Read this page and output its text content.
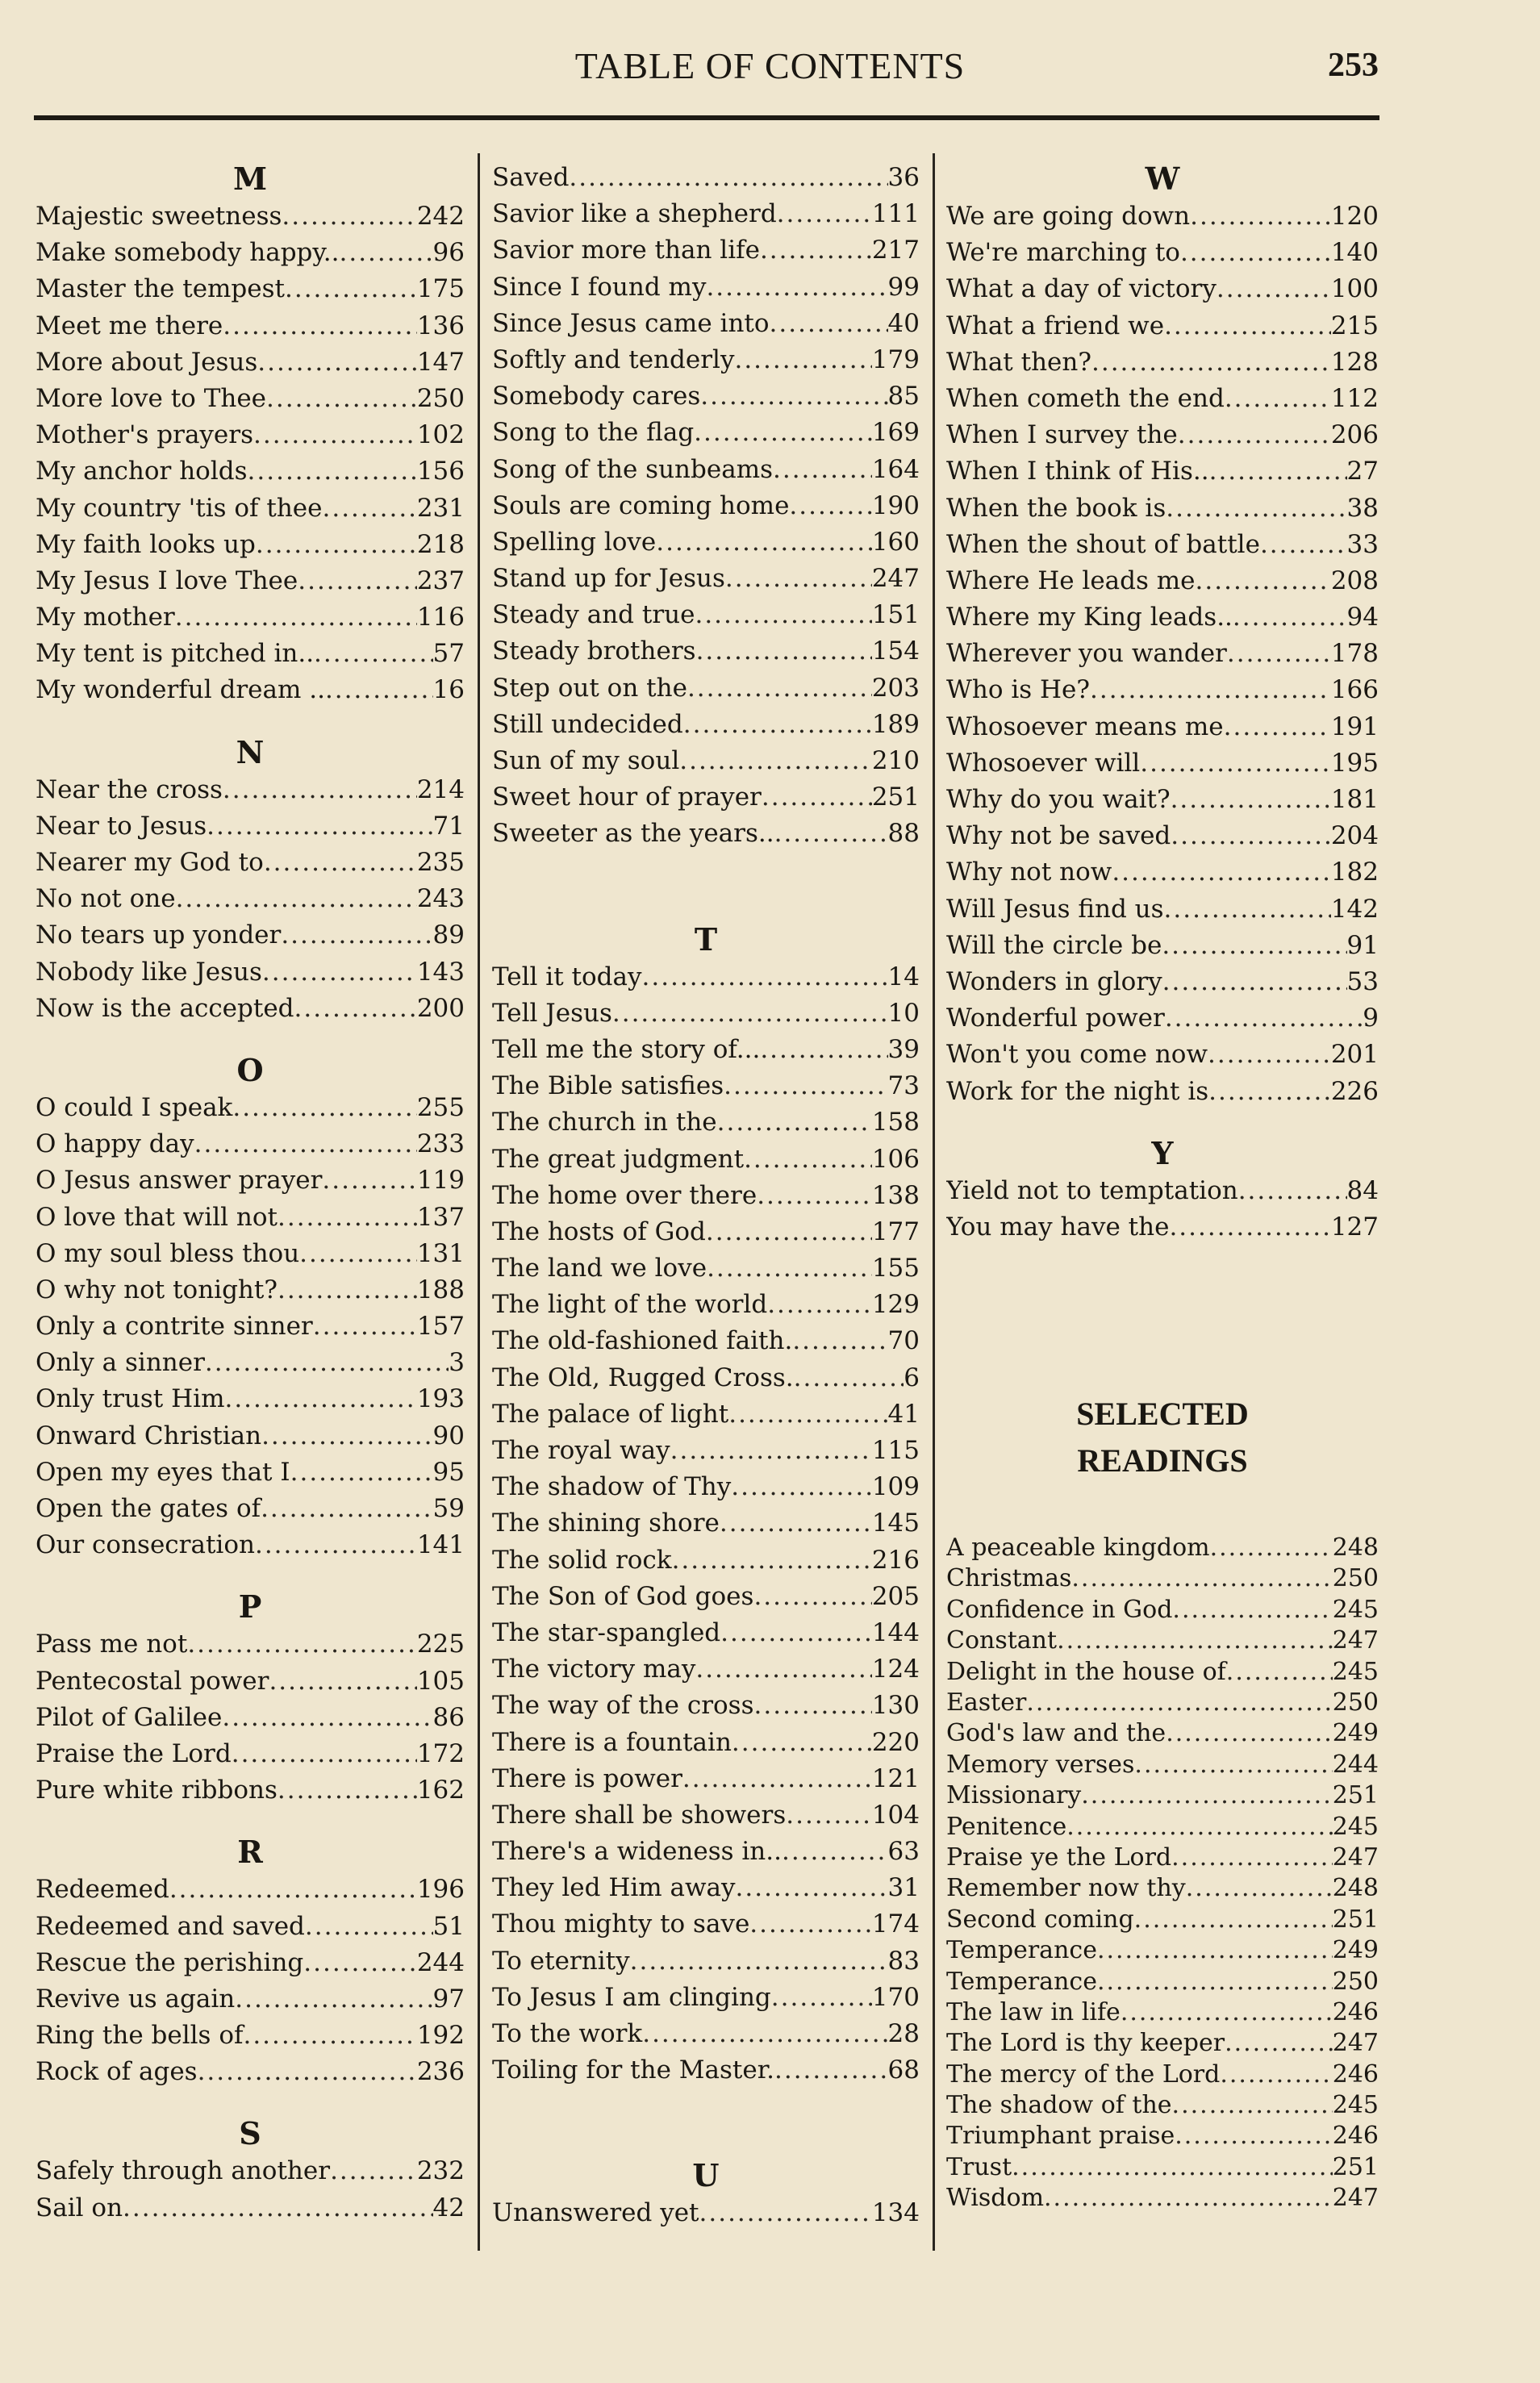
TABLE OF CONTENTS	253
M
Majestic sweetness .....	242
Make somebody happy.. .....	96
Master the tempest .....	175
Meet me there .....	136
More about Jesus .....	147
More love to Thee .....	250
Mother's prayers .....	102
My anchor holds .....	156
My country 'tis of thee .....	231
My faith looks up .....	218
My Jesus I love Thee .....	237
My mother .....	116
My tent is pitched in.. .....	57
My wonderful dream .. .....	16
N
Near the cross .....	214
Near to Jesus .....	71
Nearer my God to .....	235
No not one .....	243
No tears up yonder .....	89
Nobody like Jesus .....	143
Now is the accepted .....	200
O
O could I speak .....	255
O happy day .....	233
O Jesus answer prayer .....	119
O love that will not .....	137
O my soul bless thou .....	131
O why not tonight? .....	188
Only a contrite sinner .....	157
Only a sinner .....	3
Only trust Him .....	193
Onward Christian .....	90
Open my eyes that I .....	95
Open the gates of .....	59
Our consecration .....	141
P
Pass me not .....	225
Pentecostal power .....	105
Pilot of Galilee .....	86
Praise the Lord .....	172
Pure white ribbons .....	162
R
Redeemed .....	196
Redeemed and saved .....	51
Rescue the perishing .....	244
Revive us again .....	97
Ring the bells of .....	192
Rock of ages .....	236
S
Safely through another .....	232
Sail on .....	42
Saved .....	36
Savior like a shepherd .....	111
Savior more than life .....	217
Since I found my .....	99
Since Jesus came into .....	40
Softly and tenderly .....	179
Somebody cares .....	85
Song to the flag .....	169
Song of the sunbeams .....	164
Souls are coming home .....	190
Spelling love .....	160
Stand up for Jesus .....	247
Steady and true .....	151
Steady brothers .....	154
Step out on the .....	203
Still undecided .....	189
Sun of my soul .....	210
Sweet hour of prayer .....	251
Sweeter as the years.. .....	88
T
Tell it today .....	14
Tell Jesus .....	10
Tell me the story of... .....	39
The Bible satisfies .....	73
The church in the .....	158
The great judgment .....	106
The home over there .....	138
The hosts of God .....	177
The land we love .....	155
The light of the world .....	129
The old-fashioned faith. .....	70
The Old, Rugged Cross. .....	6
The palace of light .....	41
The royal way .....	115
The shadow of Thy .....	109
The shining shore .....	145
The solid rock .....	216
The Son of God goes .....	205
The star-spangled .....	144
The victory may .....	124
The way of the cross .....	130
There is a fountain .....	220
There is power .....	121
There shall be showers .....	104
There's a wideness in.. .....	63
They led Him away .....	31
Thou mighty to save .....	174
To eternity .....	83
To Jesus I am clinging .....	170
To the work .....	28
Toiling for the Master. .....	68
U
Unanswered yet .....	134
W
We are going down .....	120
We're marching to .....	140
What a day of victory .....	100
What a friend we .....	215
What then? .....	128
When cometh the end .....	112
When I survey the .....	206
When I think of His.. .....	27
When the book is .....	38
When the shout of battle .....	33
Where He leads me .....	208
Where my King leads.. .....	94
Wherever you wander .....	178
Who is He? .....	166
Whosoever means me .....	191
Whosoever will .....	195
Why do you wait? .....	181
Why not be saved .....	204
Why not now .....	182
Will Jesus find us .....	142
Will the circle be .....	91
Wonders in glory .....	53
Wonderful power .....	9
Won't you come now .....	201
Work for the night is .....	226
Y
Yield not to temptation .....	84
You may have the .....	127
SELECTED
READINGS
A peaceable kingdom .....	248
Christmas .....	250
Confidence in God .....	245
Constant .....	247
Delight in the house of .....	245
Easter .....	250
God's law and the .....	249
Memory verses .....	244
Missionary .....	251
Penitence .....	245
Praise ye the Lord .....	247
Remember now thy .....	248
Second coming .....	251
Temperance .....	249
Temperance .....	250
The law in life .....	246
The Lord is thy keeper .....	247
The mercy of the Lord .....	246
The shadow of the .....	245
Triumphant praise .....	246
Trust .....	251
Wisdom .....	247
